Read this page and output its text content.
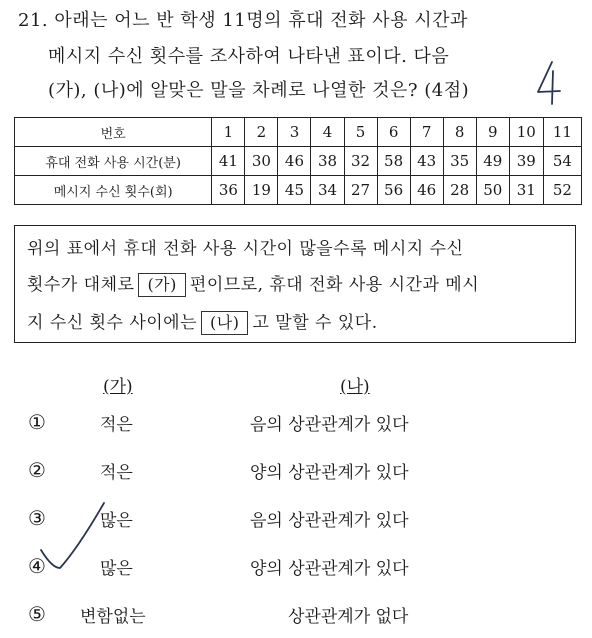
21. 아래는 어느 반 학생 11명의 휴대 전화 사용 시간과
메시지 수신 횟수를 조사하여 나타낸 표이다. 다음
(가), (나)에 알맞은 말을 차례로 나열한 것은? (4점)
번호	1	2	3	4	5	6	7	8	9	10	11
휴대 전화 사용 시간(분)	41	30	46	38	32	58	43	35	49	39	54
메시지 수신 횟수(회)	36	19	45	34	27	56	46	28	50	31	52
위의 표에서 휴대 전화 사용 시간이 많을수록 메시지 수신
횟수가 대체로 (가) 편이므로, 휴대 전화 사용 시간과 메시
지 수신 횟수 사이에는 (나) 고 말할 수 있다.
(가)	(나)
①	적은	음의 상관관계가 있다
②	적은	양의 상관관계가 있다
③	많은	음의 상관관계가 있다
④	많은	양의 상관관계가 있다
⑤ 변함없는	상관관계가 없다
